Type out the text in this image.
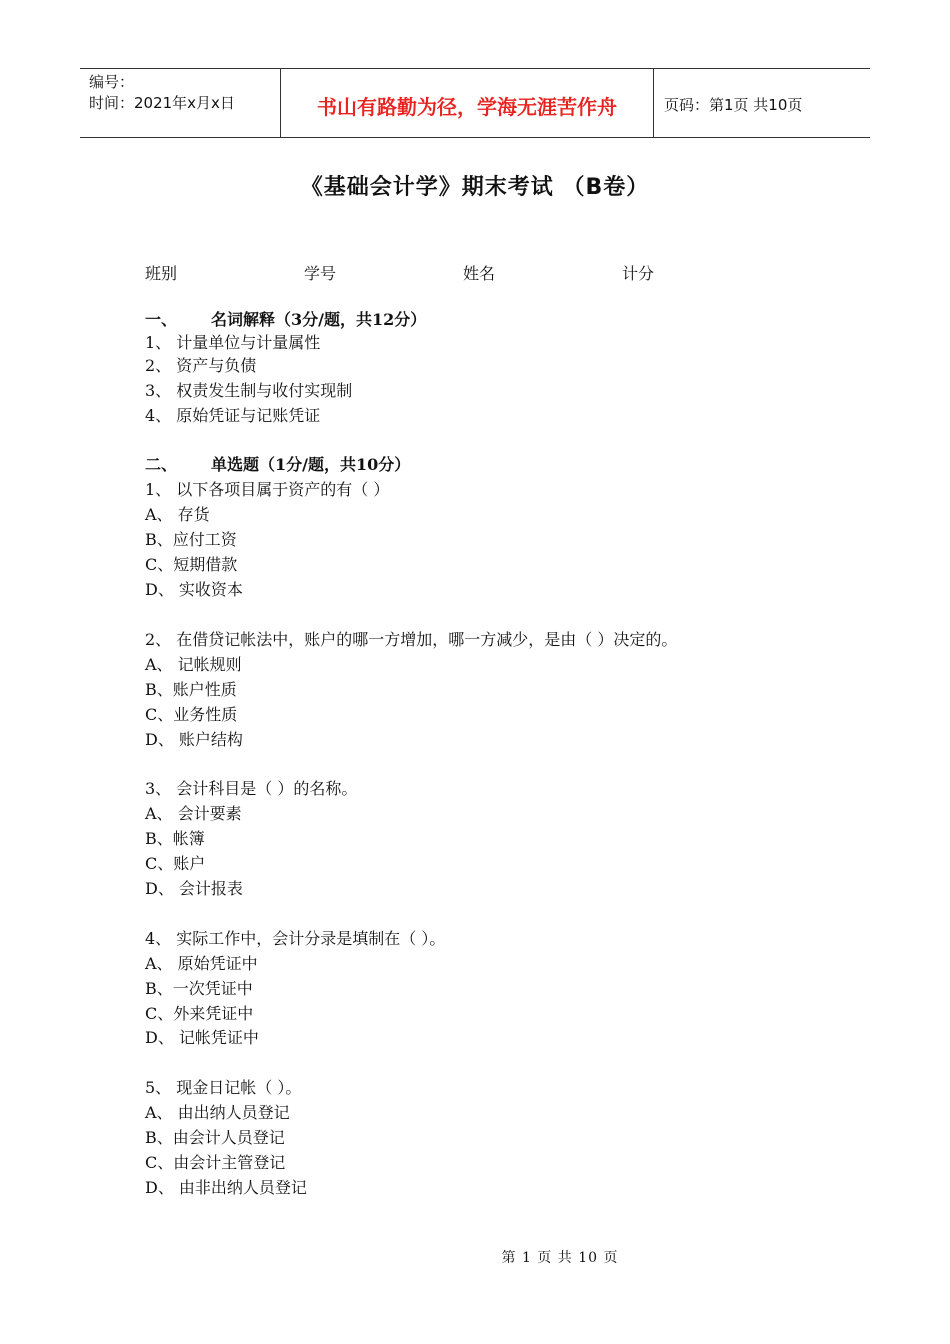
编号：
时间：2021年x月x日	书山有路勤为径，学海无涯苦作舟	页码：第1页 共10页
《基础会计学》期末考试 （B卷）
班别	学号	姓名	计分
一、 名词解释（3分/题，共12分）
1、 计量单位与计量属性
2、 资产与负债
3、 权责发生制与收付实现制
4、 原始凭证与记账凭证
二、 单选题（1分/题，共10分）
1、 以下各项目属于资产的有（ ）
A、 存货
B、应付工资
C、短期借款
D、 实收资本
2、 在借贷记帐法中，账户的哪一方增加，哪一方减少，是由（ ）决定的。
A、 记帐规则
B、账户性质
C、业务性质
D、 账户结构
3、 会计科目是（ ）的名称。
A、 会计要素
B、帐簿
C、账户
D、 会计报表
4、 实际工作中，会计分录是填制在（ ）。
A、 原始凭证中
B、一次凭证中
C、外来凭证中
D、 记帐凭证中
5、 现金日记帐（ ）。
A、 由出纳人员登记
B、由会计人员登记
C、由会计主管登记
D、 由非出纳人员登记
第 1 页 共 10 页
